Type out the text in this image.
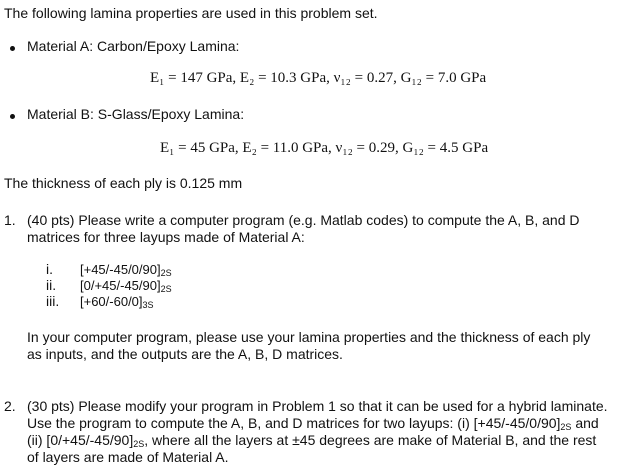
The following lamina properties are used in this problem set.
Material A: Carbon/Epoxy Lamina:
E₁ = 147 GPa, E₂ = 10.3 GPa, ν₁₂ = 0.27, G₁₂ = 7.0 GPa
Material B: S-Glass/Epoxy Lamina:
E₁ = 45 GPa, E₂ = 11.0 GPa, ν₁₂ = 0.29, G₁₂ = 4.5 GPa
The thickness of each ply is 0.125 mm
1. (40 pts) Please write a computer program (e.g. Matlab codes) to compute the A, B, and D
matrices for three layups made of Material A:
i. [+45/-45/0/90]2S
ii. [0/+45/-45/90]2S
iii. [+60/-60/0]3S
In your computer program, please use your lamina properties and the thickness of each ply
as inputs, and the outputs are the A, B, D matrices.
2. (30 pts) Please modify your program in Problem 1 so that it can be used for a hybrid laminate.
Use the program to compute the A, B, and D matrices for two layups: (i) [+45/-45/0/90]2S and
(ii) [0/+45/-45/90]2S, where all the layers at ±45 degrees are make of Material B, and the rest
of layers are made of Material A.
